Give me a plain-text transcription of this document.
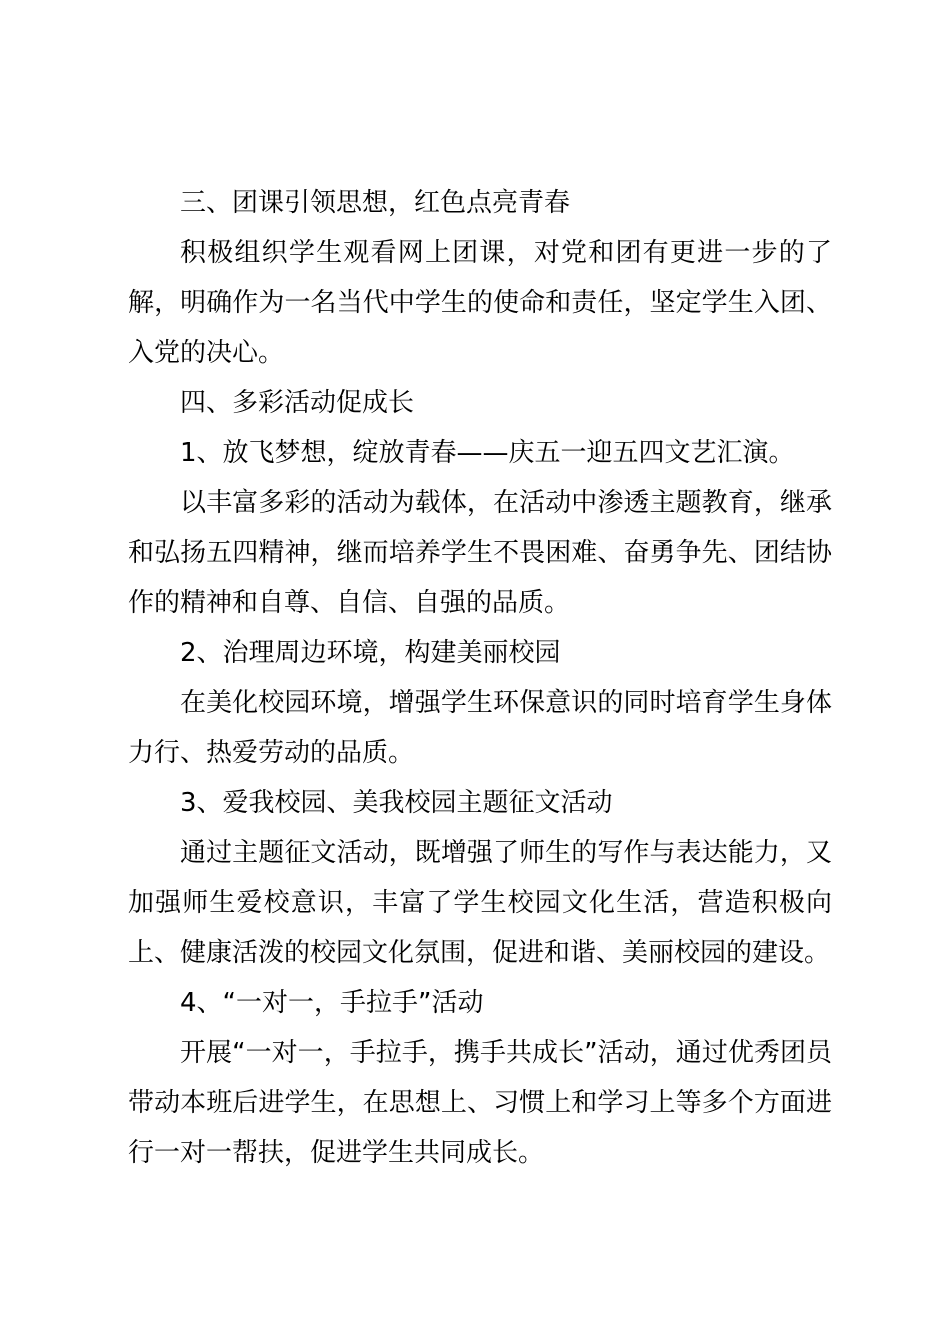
三、团课引领思想，红色点亮青春

积极组织学生观看网上团课，对党和团有更进一步的了解，明确作为一名当代中学生的使命和责任，坚定学生入团、入党的决心。

四、多彩活动促成长

1、放飞梦想，绽放青春——庆五一迎五四文艺汇演。

以丰富多彩的活动为载体，在活动中渗透主题教育，继承和弘扬五四精神，继而培养学生不畏困难、奋勇争先、团结协作的精神和自尊、自信、自强的品质。

2、治理周边环境，构建美丽校园

在美化校园环境，增强学生环保意识的同时培育学生身体力行、热爱劳动的品质。

3、爱我校园、美我校园主题征文活动

通过主题征文活动，既增强了师生的写作与表达能力，又加强师生爱校意识，丰富了学生校园文化生活，营造积极向上、健康活泼的校园文化氛围，促进和谐、美丽校园的建设。

4、“一对一，手拉手”活动

开展“一对一，手拉手，携手共成长”活动，通过优秀团员带动本班后进学生，在思想上、习惯上和学习上等多个方面进行一对一帮扶，促进学生共同成长。
